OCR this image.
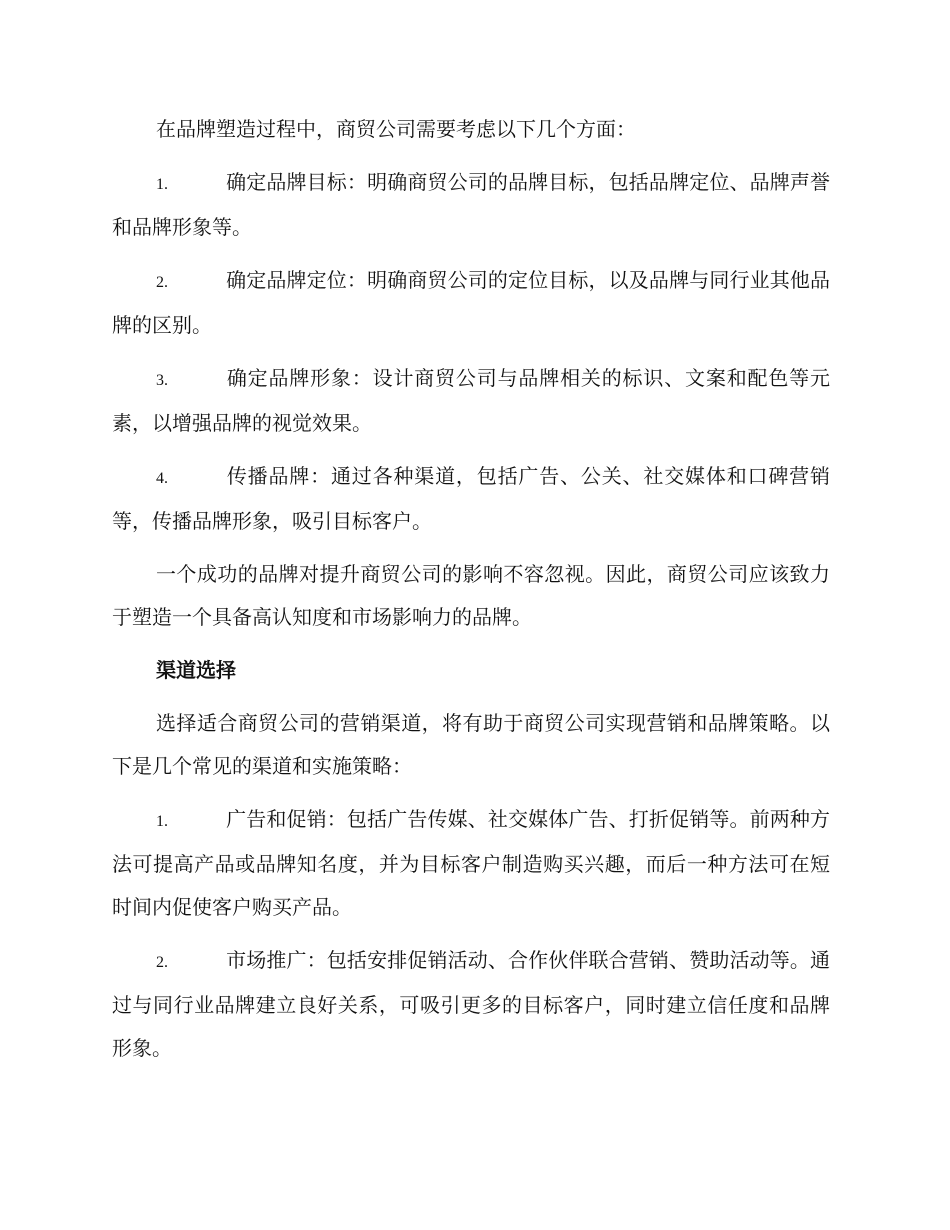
在品牌塑造过程中，商贸公司需要考虑以下几个方面：

1.	确定品牌目标：明确商贸公司的品牌目标，包括品牌定位、品牌声誉和品牌形象等。

2.	确定品牌定位：明确商贸公司的定位目标，以及品牌与同行业其他品牌的区别。

3.	确定品牌形象：设计商贸公司与品牌相关的标识、文案和配色等元素，以增强品牌的视觉效果。

4.	传播品牌：通过各种渠道，包括广告、公关、社交媒体和口碑营销等，传播品牌形象，吸引目标客户。

一个成功的品牌对提升商贸公司的影响不容忽视。因此，商贸公司应该致力于塑造一个具备高认知度和市场影响力的品牌。

渠道选择

选择适合商贸公司的营销渠道，将有助于商贸公司实现营销和品牌策略。以下是几个常见的渠道和实施策略：

1.	广告和促销：包括广告传媒、社交媒体广告、打折促销等。前两种方法可提高产品或品牌知名度，并为目标客户制造购买兴趣，而后一种方法可在短时间内促使客户购买产品。

2.	市场推广：包括安排促销活动、合作伙伴联合营销、赞助活动等。通过与同行业品牌建立良好关系，可吸引更多的目标客户，同时建立信任度和品牌形象。
